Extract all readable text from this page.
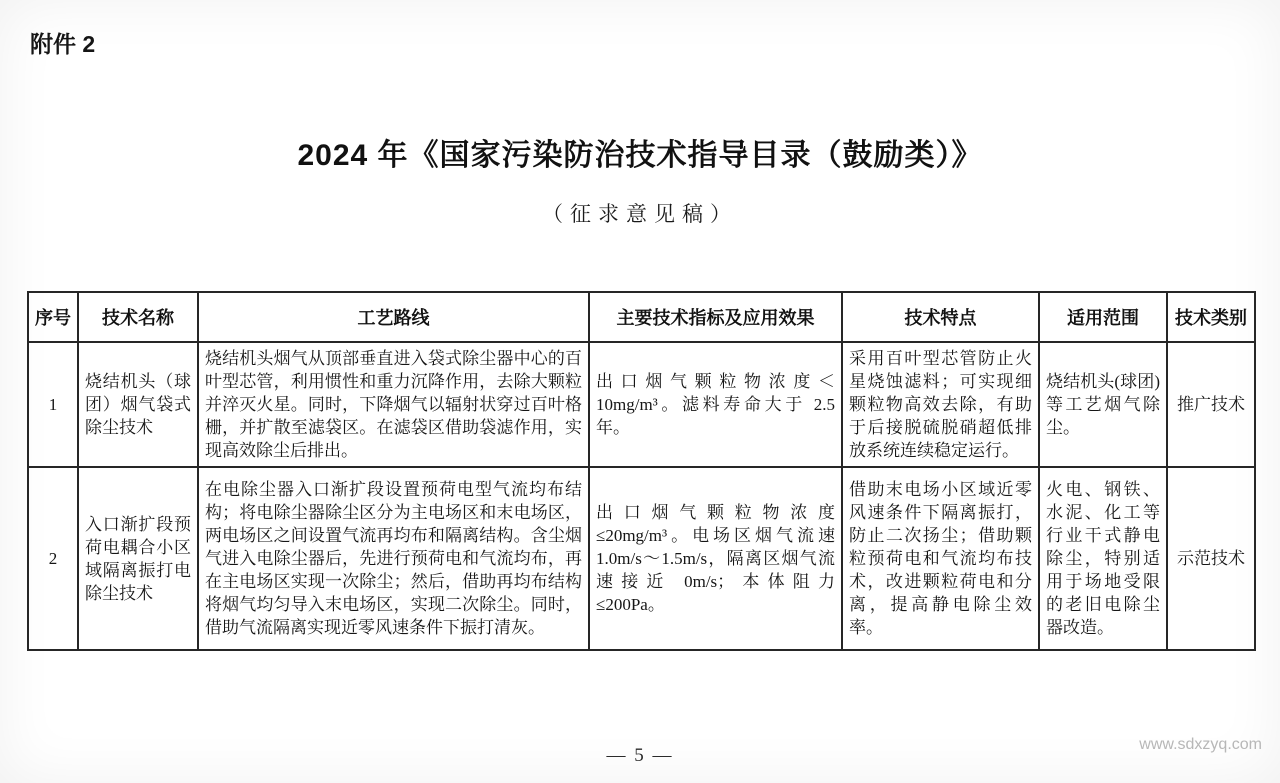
附件 2
2024 年《国家污染防治技术指导目录（鼓励类）》
（征求意见稿）
序号	技术名称	工艺路线	主要技术指标及应用效果	技术特点	适用范围	技术类别
1	烧结机头（球团）烟气袋式除尘技术	烧结机头烟气从顶部垂直进入袋式除尘器中心的百叶型芯管，利用惯性和重力沉降作用，去除大颗粒并淬灭火星。同时，下降烟气以辐射状穿过百叶格栅，并扩散至滤袋区。在滤袋区借助袋滤作用，实现高效除尘后排出。	出口烟气颗粒物浓度＜10mg/m³。滤料寿命大于 2.5 年。	采用百叶型芯管防止火星烧蚀滤料；可实现细颗粒物高效去除，有助于后接脱硫脱硝超低排放系统连续稳定运行。	烧结机头(球团)等工艺烟气除尘。	推广技术
2	入口渐扩段预荷电耦合小区域隔离振打电除尘技术	在电除尘器入口渐扩段设置预荷电型气流均布结构；将电除尘器除尘区分为主电场区和末电场区，两电场区之间设置气流再均布和隔离结构。含尘烟气进入电除尘器后，先进行预荷电和气流均布，再在主电场区实现一次除尘；然后，借助再均布结构将烟气均匀导入末电场区，实现二次除尘。同时，借助气流隔离实现近零风速条件下振打清灰。	出口烟气颗粒物浓度≤20mg/m³。电场区烟气流速 1.0m/s～1.5m/s，隔离区烟气流速接近 0m/s；本体阻力≤200Pa。	借助末电场小区域近零风速条件下隔离振打，防止二次扬尘；借助颗粒预荷电和气流均布技术，改进颗粒荷电和分离，提高静电除尘效率。	火电、钢铁、水泥、化工等行业干式静电除尘，特别适用于场地受限的老旧电除尘器改造。	示范技术
— 5 —
www.sdxzyq.com
